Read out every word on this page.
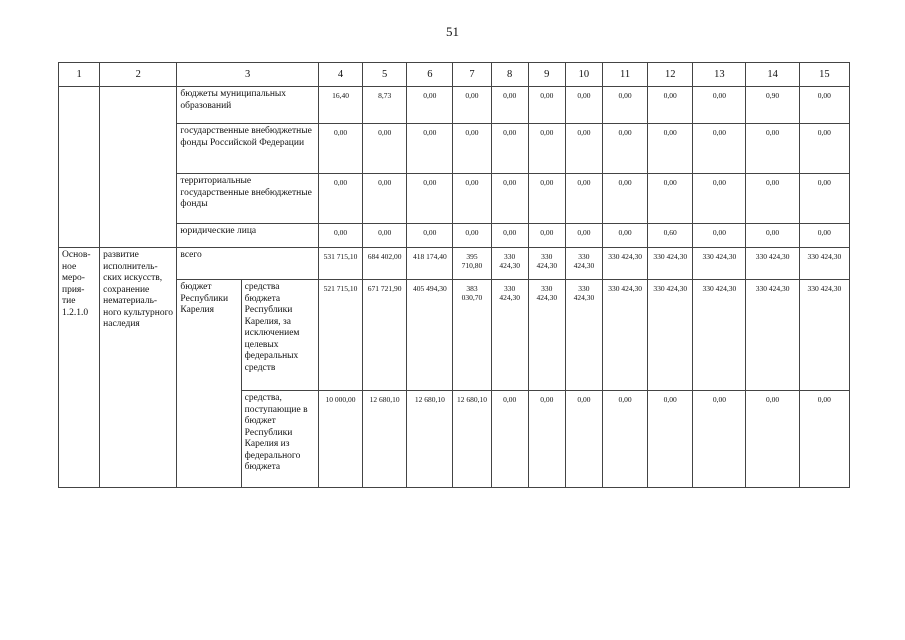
51
1	2	3		4	5	6	7	8	9	10	11	12	13	14	15
		бюджеты муниципальных образований		16,40	8,73	0,00	0,00	0,00	0,00	0,00	0,00	0,00	0,00	0,90	0,00
		государственные внебюджетные фонды Российской Федерации		0,00	0,00	0,00	0,00	0,00	0,00	0,00	0,00	0,00	0,00	0,00	0,00
		территориальные государственные внебюджетные фонды		0,00	0,00	0,00	0,00	0,00	0,00	0,00	0,00	0,00	0,00	0,00	0,00
		юридические лица		0,00	0,00	0,00	0,00	0,00	0,00	0,00	0,00	0,60	0,00	0,00	0,00
Основ-ное меро-прия-тие 1.2.1.0	развитие исполнитель-ских искусств, сохранение нематериаль-ного культурного наследия	всего		531 715,10	684 402,00	418 174,40	395 710,80	330 424,30	330 424,30	330 424,30	330 424,30	330 424,30	330 424,30	330 424,30	330 424,30
		бюджет Республики Карелия	средства бюджета Республики Карелия, за исключением целевых федеральных средств	521 715,10	671 721,90	405 494,30	383 030,70	330 424,30	330 424,30	330 424,30	330 424,30	330 424,30	330 424,30	330 424,30	330 424,30
			средства, поступающие в бюджет Республики Карелия из федерального бюджета	10 000,00	12 680,10	12 680,10	12 680,10	0,00	0,00	0,00	0,00	0,00	0,00	0,00	0,00
